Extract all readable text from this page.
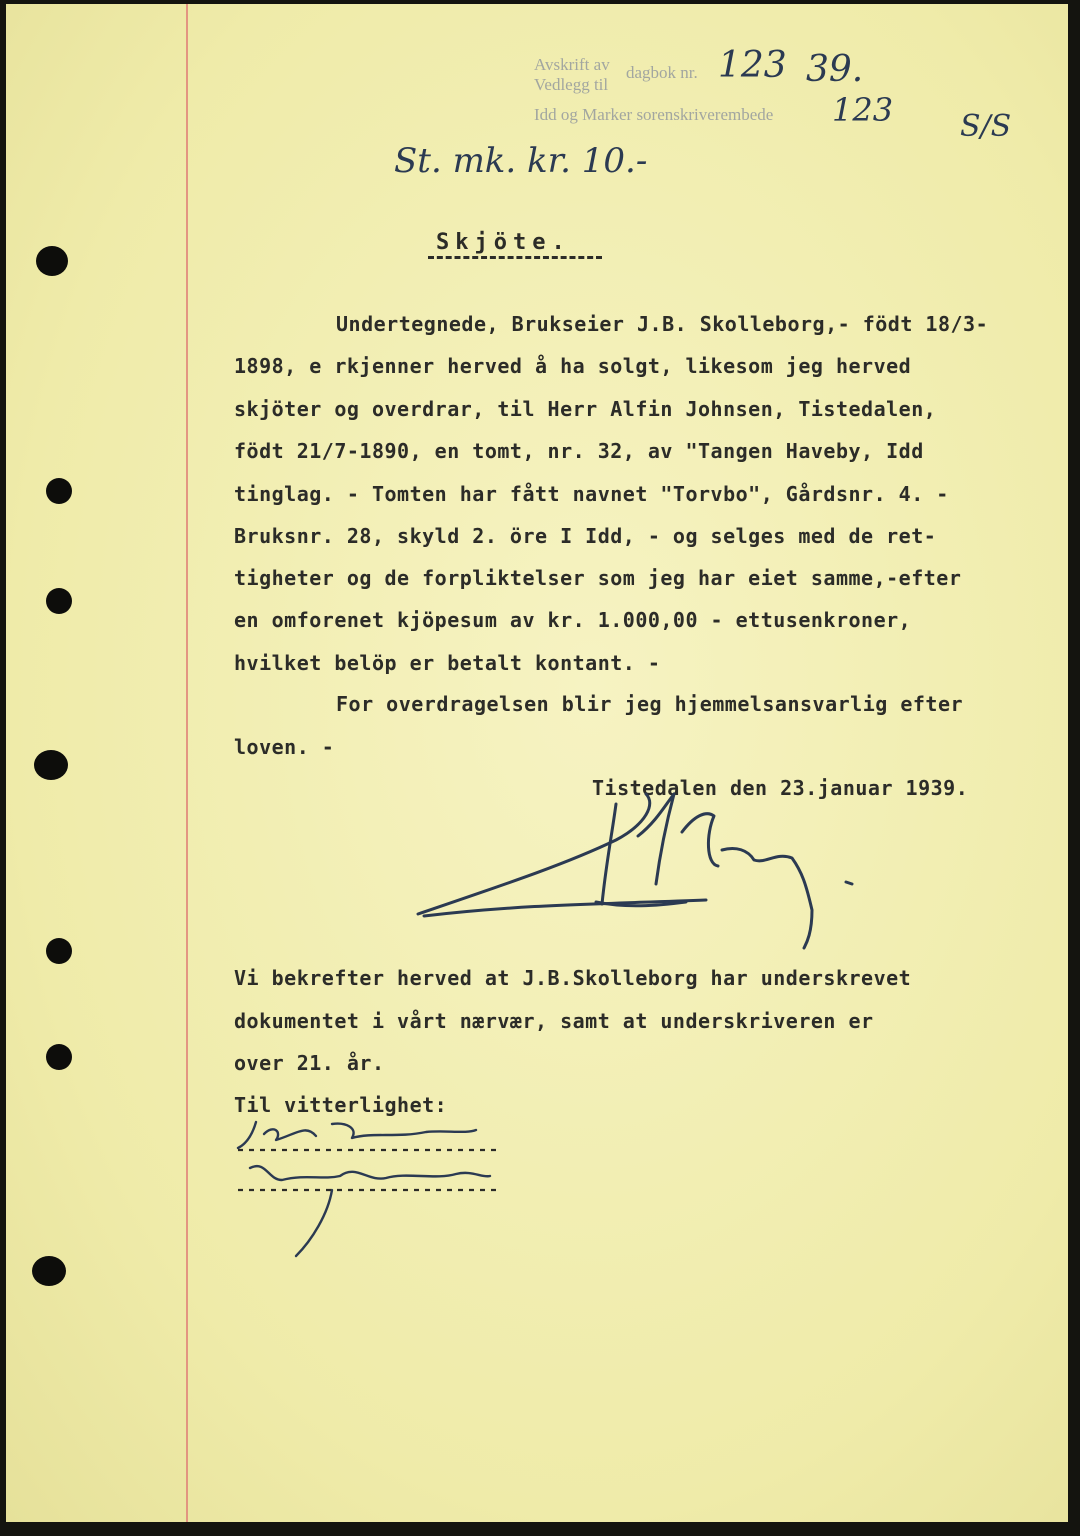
Avskrift av
Vedlegg til
dagbok nr.
Idd og Marker sorenskriverembede
123 39.
123
St. mk. kr. 10.-
S/S
Skjöte.
Undertegnede, Brukseier J.B. Skolleborg,- födt 18/3-
1898, e rkjenner herved å ha solgt, likesom jeg herved
skjöter og overdrar, til Herr Alfin Johnsen, Tistedalen,
födt 21/7-1890, en tomt, nr. 32, av "Tangen Haveby, Idd
tinglag. - Tomten har fått navnet "Torvbo", Gårdsnr. 4. -
Bruksnr. 28, skyld 2. öre I Idd, - og selges med de ret-
tigheter og de forpliktelser som jeg har eiet samme,-efter
en omforenet kjöpesum av kr. 1.000,00 - ettusenkroner,
hvilket belöp er betalt kontant. -
For overdragelsen blir jeg hjemmelsansvarlig efter
loven. -
Tistedalen den 23.januar 1939.
Vi bekrefter herved at J.B.Skolleborg har underskrevet
dokumentet i vårt nærvær, samt at underskriveren er
over 21. år.
Til vitterlighet:
